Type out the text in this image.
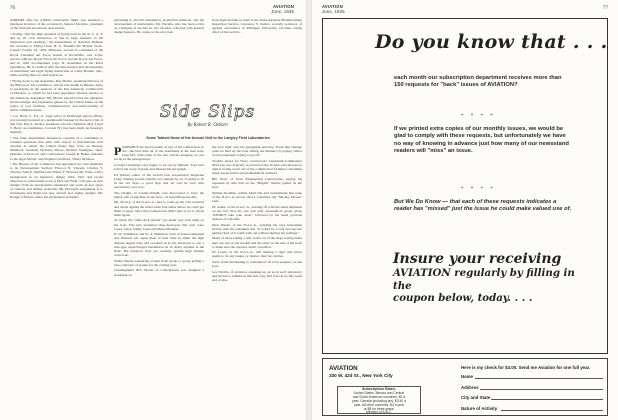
76	AVIATION
June, 1935

AIRPORT after his 2,000th consecutive flight, was tendered a luncheon in honor of the occasion by Senator McAdoo, president of the National Aeronautic Association.

• Stating "that the high standard of flying both in the R. C. A. F. and by all civil instructors, is due in large measure to the instruction and example," the Department of National Defense has awarded to Flying Lieut. B. G. Fenlaffe the McKee Trans-Canada Trophy for 1934. Fullerton, second in command of the Royal Canadian Air Force station at Rockcliffe, saw active service with the Royal Naval Air Force and the Royal Air Force, and in 1922 accompanied Capt. R. Arnaldsen on his Polar expedition. He is credited with the introduction and development of instrument and night flying instruction at Camp Borden, Ont., while serving there as chief instructor.

• Flying down to the Argentine, Ray Martin, Assistant Director of the Bureau of Air Commerce, arrived last month in Buenos Aires to participate in the sessions of the Pan American Commercial Conference, to which he had been appointed aviation advisor to the American delegation. Mr. Martin played before the delegates the knowledge and experience gained by the United States on the topics of port facilities, communication, and improvement of aerial communications.

• Col. Harry C. Fry, Jr., long active in Pittsburgh airport affairs, was recently honored at a testimonial banquet by the Aero Club of that City. Ray A. Tucker, president, acted as chairman. Maj. Lloyd T. Barry as toastmaster. Colonel Fry has been made an honorary member.

• The State Department announces creation of a committee to consider questions that arise with respect to international civil aviation in which the United States may have an interest. Members: Assistant Secretary Moore, Richard Southgate, chief, Division of Protocol and Conferences; Joseph R. Baker, assistant to the legal adviser; and Stephen Latchford, Treaty Division.

• The Bureau of Air Commerce has appointed two new members to its Development Section: Elwood N. Vincent, Charles V. Vincent, Seth E. Warfield and Walter F. Howard. Mr. Fales, with a background as an instructor during 1919, 1921 and recent direction of wind tunnel work at McCook Field, will pass on new designs from an aerodynamic standpoint and work on new types of controls and similar problems. Mr. Howard's assignment is to investigate and flight test new aircraft and engine designs. Mr. Rodger will have under his advisement problems

pertaining to aircraft installation, production methods, and the development of instruments. Mr. Vorrelle, who has been active as a designer of aircraft for two decades, will deal with general design features. He comes to the new task
from eight months as chief of the Parks Airplane Manufacturing Inspection Service. Lawrence V. Kerber, recently professor of applied aeronautics at Michigan University, becomes acting chief of that service.
Side Slips
By Robert R. Osborn
Some Tabloid News of the Annual Visit to the Langley Field Laboratories

PROBABLY the most popular of any of the conferences so far—the first time all of the statements at the heat have been full, with some of the late arrivals stepping on orts set up in the passageways.

Colonel Lindbergh very happy to be out by himself. Says he'll follow his every footstep and blessed his autograph.

Ed Warner, editor of the world's best aeronautical magazine (ads), running around with his two tunnels by on, it seems to be in the old days—a good sign that all will be well with aeronautics over now.

The Wright, of Curtiss-Wright, was discovered to have the button pair of pajamas on the boat—of beautiful green silk.

Mr. Victory, of the N.A.C.A., had to come up the cold received and check against the ticket stubs four times before he could get them to agree. Once they balanced he didn't dare to try to check them again.

As usual, the "after-dock quartet" got under way each night on the boat. The new perennial shop-destroyers this year were Casey Jones, Tubby Jones and Henry Berliner.

D. W. Tomlinson and W. A. Hamilton, both of Transcontinental and Western Air, spent most of their time in either the high altitude engine tests and crooked all in the afternoon to see a side-type supercharged installation on an Army airplane at the field. The transport boys are certainly getting high altitude conscious.

Walter Beech wandering around from group to group getting a true collection of stories for the coming year.

Cunningham's Bob Woods of Consolidated was assigned a statement on

the boat right over the gangplank entrance. From this vantage point he held up the boat sailing ten minutes by paying visitor on the passengers trying to get off.

Trouble ahead for Navy contractors? Lieutenant-Commander MacCray was detected, in several of the lectures and laboratory demos noting down all of the complicated formulas containing many Greek letters and mathematical symbols.

Bill Stout, of Stout Engineering Laboratories, paying his expenses by side bets on the "Bugatti" marble games on the boat.

Jimmie Doolittle, selling Shell Oil, and complaining that none of the N.A.C.A. movie shows contained any "Mickey Mouse" reels.

Dr. Ames, of the N.A.C.A., starting off with his usual emphasis on the fact that the one and only aeronautical group given "KINDLY take your seats," followed by his usual gracious address of welcome.

Dick Weeks, of the N.A.C.A., pointing his very interesting lecture with the statement that "It would be a long and anyone getting tired of it could walk out without hurting my feelings."

Many of those taking a ride on the car of the large towing basin kept one eye on the models and the other on the end of the track to make sure the operator didn't overshoot.

Dr. Lewis, of the N.A.C.A., still making a rigor that never seems to be any longer, or shorter, than two inches.

Steve Zand threatening to soundproof all loud speakers on the boat.

Les Neville, of Aviation, sneaking up on us in each laboratory and lecture to remind us that this copy had to be in by this week end or else.

AVIATION
June, 1935
77
Do you know that . . .
each month our subscription department receives more than 150 requests for "back" issues of AVIATION?
* * * *
If we printed extra copies of our monthly issues, we would be glad to comply with these requests, but unfortunately we have no way of knowing in advance just how many of our newsstand readers will "miss" an issue.
* * * *
But We Do Know — that each of these requests indicates a reader has "missed" just the issue he could make valued use of.
Insure your receiving
AVIATION regularly by filling in the
coupon below, today. . . .
AVIATION
330 W. 42d St., New York City
Subscription Rates:
United States, Mexico and Central
and South American countries, $3 a
year. Canada (including tax), $3.50 a
year. All other countries, $4 a year
or $8 for three years.
Member of A.B.C.
Here is my check for $3.00. Send me Aviation for one full year.
Name
Address
City and State
Nature of Activity
